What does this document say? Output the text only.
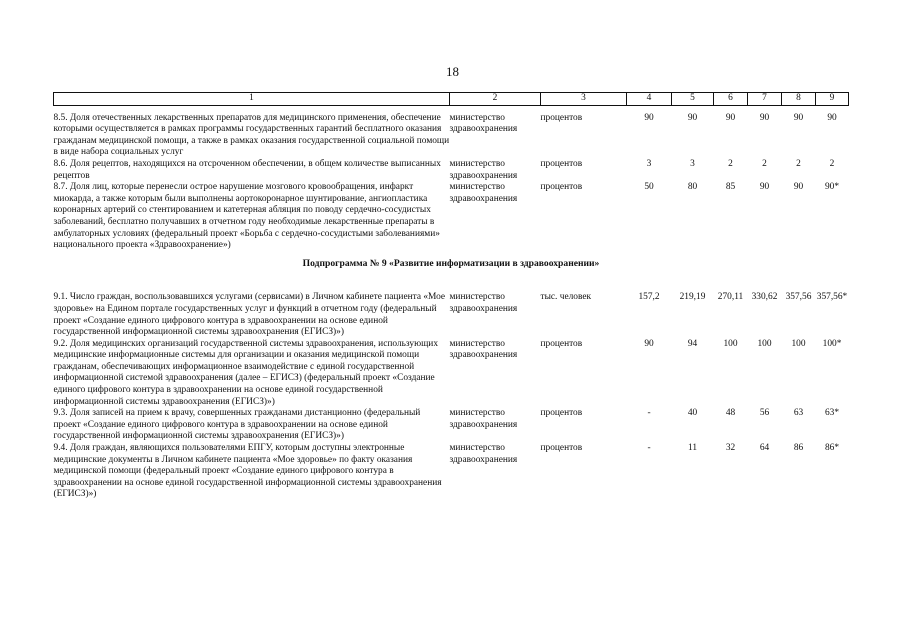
18
1	2	3	4	5	6	7	8	9

8.5. Доля отечественных лекарственных препаратов для медицинского применения, обеспечение которыми осуществляется в рамках программы государственных гарантий бесплатного оказания гражданам медицинской помощи, а также в рамках оказания государственной социальной помощи в виде набора социальных услуг	министерство здравоохранения	процентов	90	90	90	90	90	90
8.6. Доля рецептов, находящихся на отсроченном обеспечении, в общем количестве выписанных рецептов	министерство здравоохранения	процентов	3	3	2	2	2	2
8.7. Доля лиц, которые перенесли острое нарушение мозгового кровообращения, инфаркт миокарда, а также которым были выполнены аортокоронарное шунтирование, ангиопластика коронарных артерий со стентированием и катетерная абляция по поводу сердечно-сосудистых заболеваний, бесплатно получавших в отчетном году необходимые лекарственные препараты в амбулаторных условиях (федеральный проект «Борьба с сердечно-сосудистыми заболеваниями» национального проекта «Здравоохранение»)	министерство здравоохранения	процентов	50	80	85	90	90	90*
Подпрограмма № 9 «Развитие информатизации в здравоохранении»								
9.1. Число граждан, воспользовавшихся услугами (сервисами) в Личном кабинете пациента «Мое здоровье» на Едином портале государственных услуг и функций в отчетном году (федеральный проект «Создание единого цифрового контура в здравоохранении на основе единой государственной информационной системы здравоохранения (ЕГИСЗ)»)	министерство здравоохранения	тыс. человек	157,2	219,19	270,11	330,62	357,56	357,56*
9.2. Доля медицинских организаций государственной системы здравоохранения, использующих медицинские информационные системы для организации и оказания медицинской помощи гражданам, обеспечивающих информационное взаимодействие с единой государственной информационной системой здравоохранения (далее – ЕГИСЗ) (федеральный проект «Создание единого цифрового контура в здравоохранении на основе единой государственной информационной системы здравоохранения (ЕГИСЗ)»)	министерство здравоохранения	процентов	90	94	100	100	100	100*
9.3. Доля записей на прием к врачу, совершенных гражданами дистанционно (федеральный проект «Создание единого цифрового контура в здравоохранении на основе единой государственной информационной системы здравоохранения (ЕГИСЗ)»)	министерство здравоохранения	процентов	-	40	48	56	63	63*
9.4. Доля граждан, являющихся пользователями ЕПГУ, которым доступны электронные медицинские документы в Личном кабинете пациента «Мое здоровье» по факту оказания медицинской помощи (федеральный проект «Создание единого цифрового контура в здравоохранении на основе единой государственной информационной системы здравоохранения (ЕГИСЗ)»)	министерство здравоохранения	процентов	-	11	32	64	86	86*
